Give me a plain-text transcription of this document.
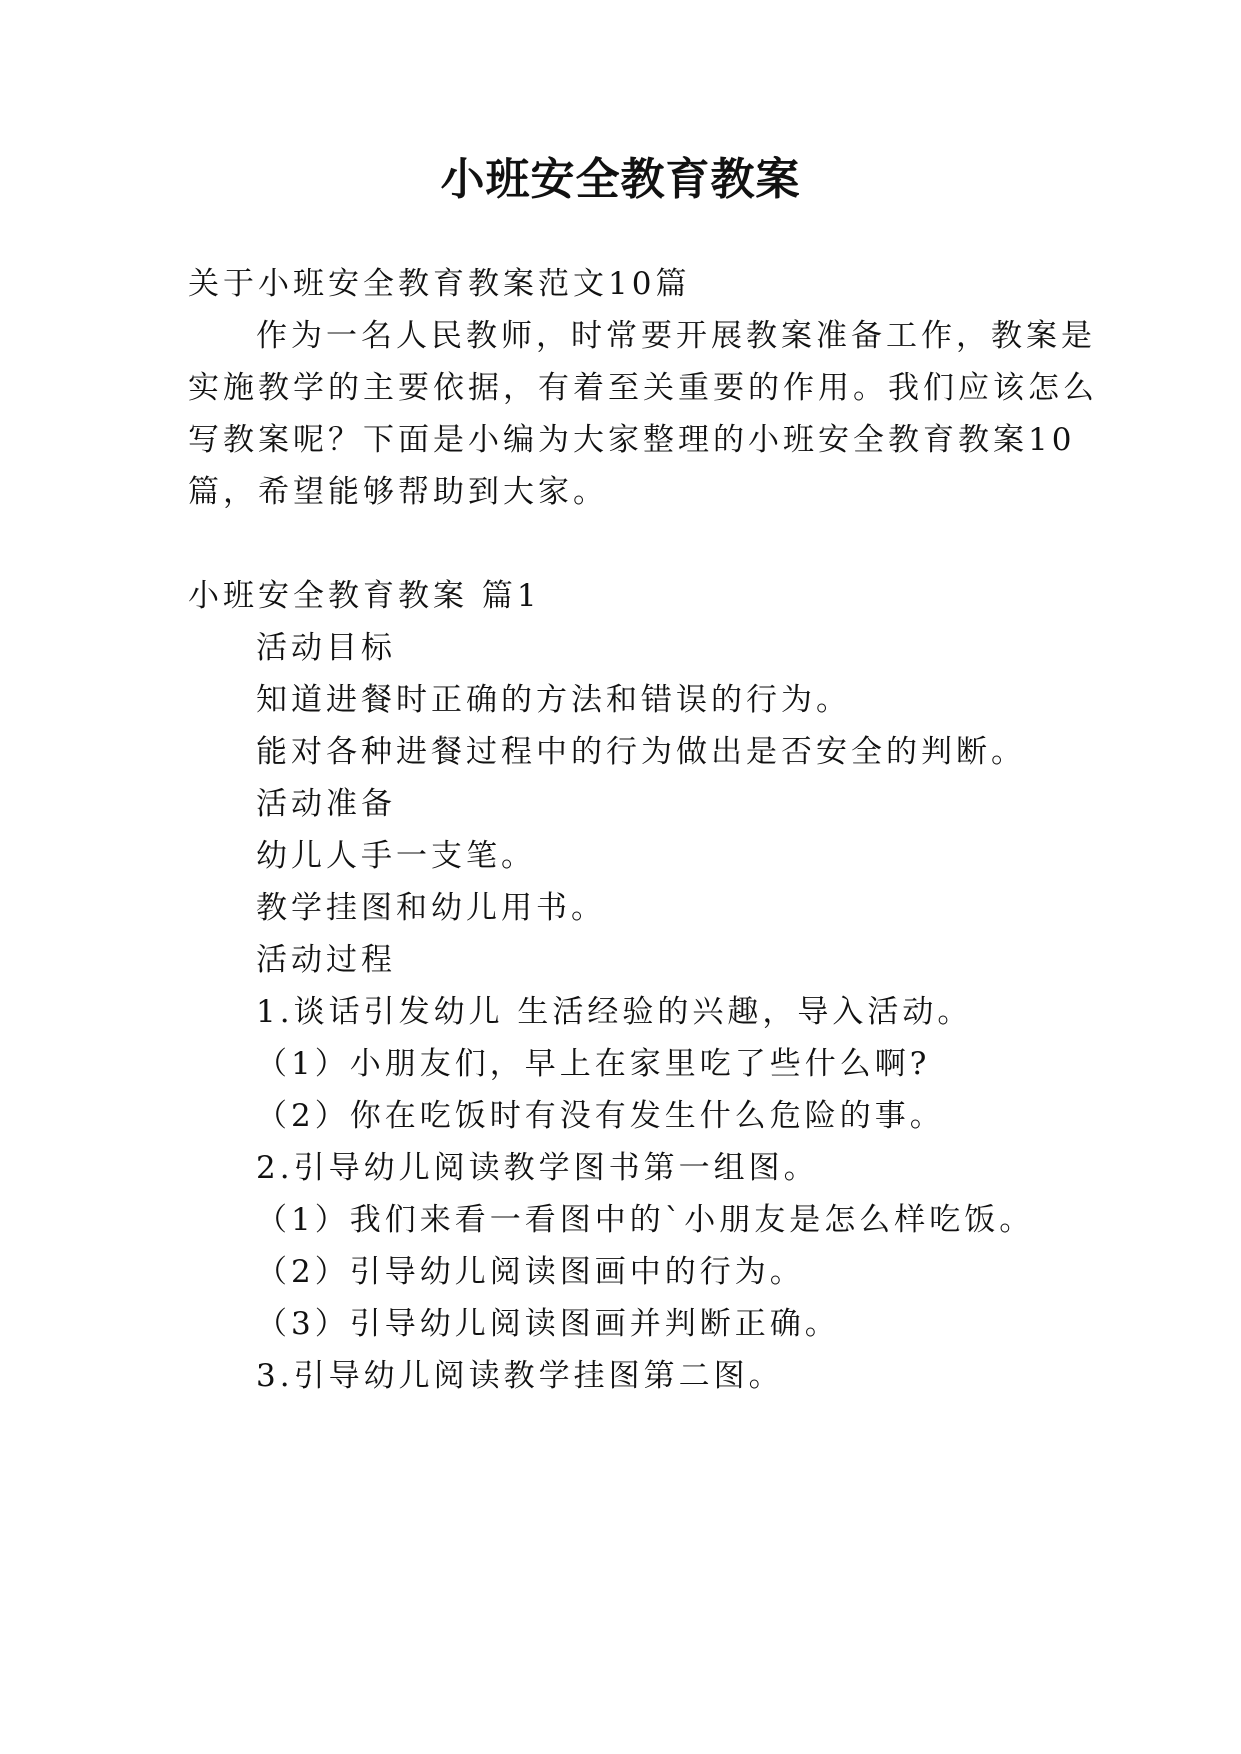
小班安全教育教案

关于小班安全教育教案范文10篇

作为一名人民教师，时常要开展教案准备工作，教案是

实施教学的主要依据，有着至关重要的作用。我们应该怎么

写教案呢？下面是小编为大家整理的小班安全教育教案10

篇，希望能够帮助到大家。

小班安全教育教案 篇1

活动目标

知道进餐时正确的方法和错误的行为。

能对各种进餐过程中的行为做出是否安全的判断。

活动准备

幼儿人手一支笔。

教学挂图和幼儿用书。

活动过程

1.谈话引发幼儿 生活经验的兴趣，导入活动。

（1）小朋友们，早上在家里吃了些什么啊?

（2）你在吃饭时有没有发生什么危险的事。

2.引导幼儿阅读教学图书第一组图。

（1）我们来看一看图中的`小朋友是怎么样吃饭。

（2）引导幼儿阅读图画中的行为。

（3）引导幼儿阅读图画并判断正确。

3.引导幼儿阅读教学挂图第二图。
